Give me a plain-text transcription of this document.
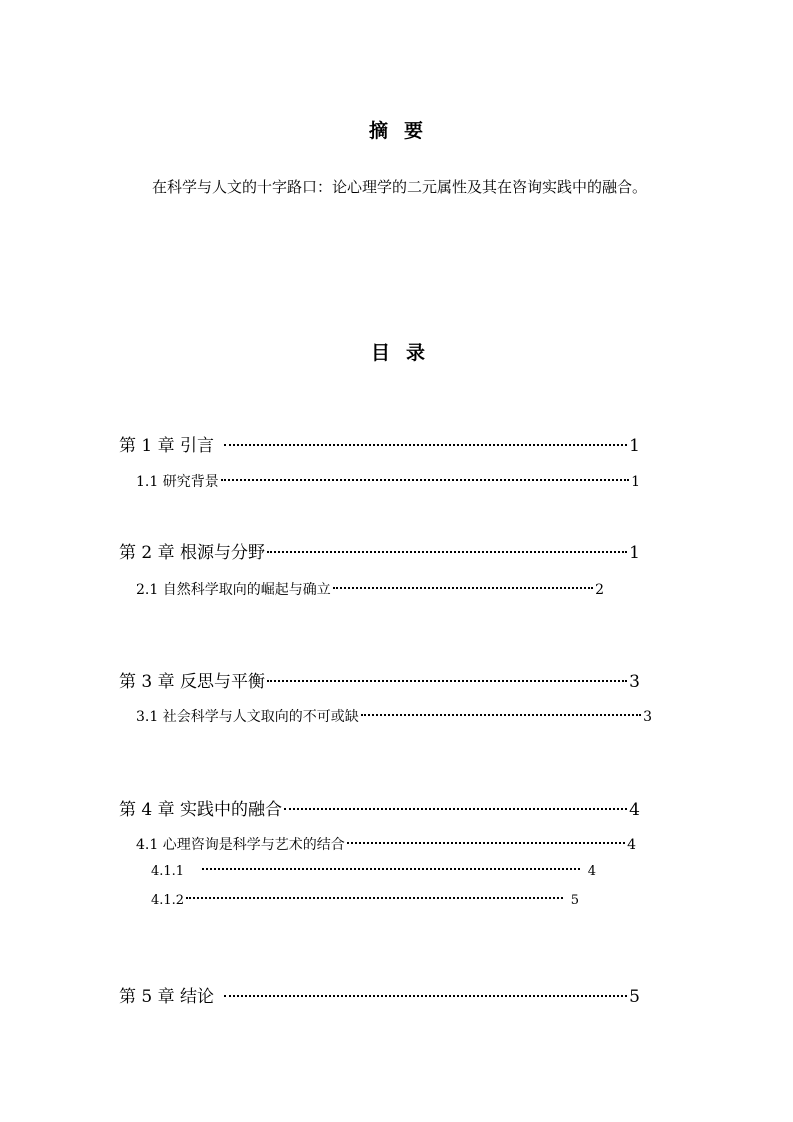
摘要
在科学与人文的十字路口：论心理学的二元属性及其在咨询实践中的融合。
目录
第 1 章 引言	1
1.1 研究背景	1
第 2 章 根源与分野	1
2.1 自然科学取向的崛起与确立	2
第 3 章 反思与平衡	3
3.1 社会科学与人文取向的不可或缺	3
第 4 章 实践中的融合	4
4.1 心理咨询是科学与艺术的结合	4
4.1.1	4
4.1.2	5
第 5 章 结论	5
